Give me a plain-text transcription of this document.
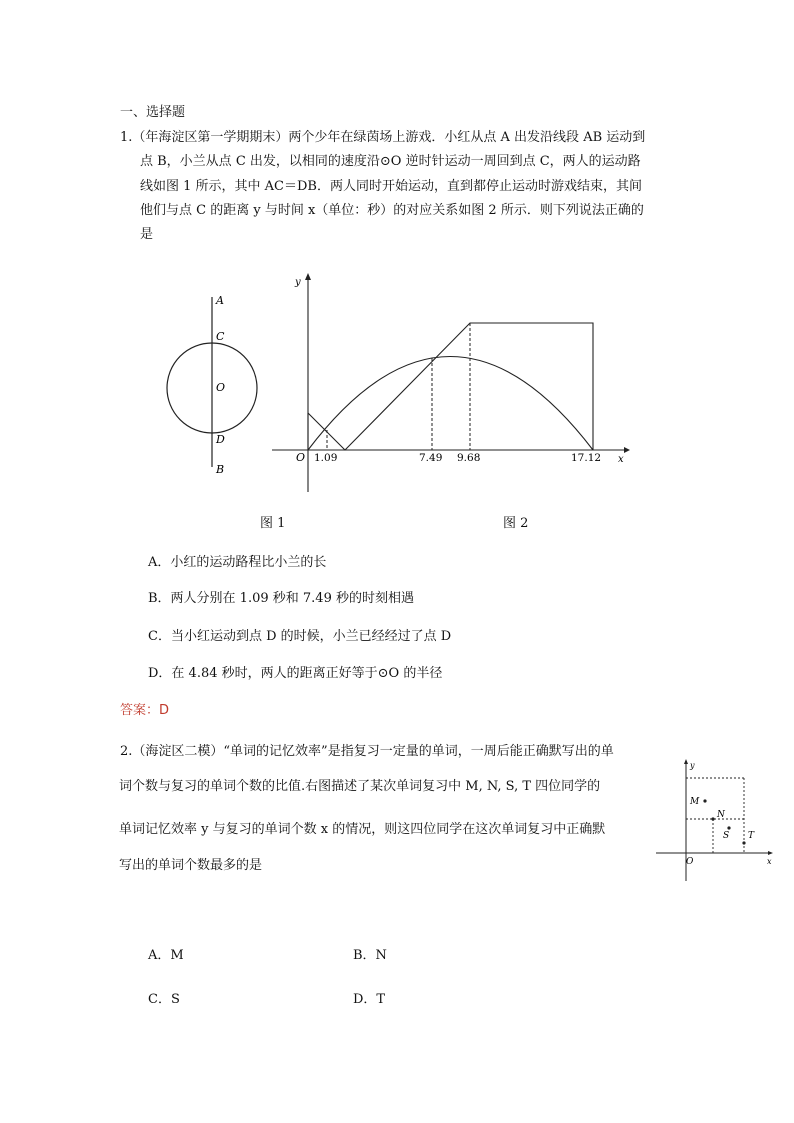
一、选择题
1.（年海淀区第一学期期末）两个少年在绿茵场上游戏．小红从点 A 出发沿线段 AB 运动到
点 B，小兰从点 C 出发，以相同的速度沿⊙O 逆时针运动一周回到点 C，两人的运动路
线如图 1 所示，其中 AC＝DB．两人同时开始运动，直到都停止运动时游戏结束，其间
他们与点 C 的距离 y 与时间 x（单位：秒）的对应关系如图 2 所示．则下列说法正确的
是
A
C
O
D
B
图 1
y
x
O 1.09	7.49 9.68	17.12
图 2
A．小红的运动路程比小兰的长
B．两人分别在 1.09 秒和 7.49 秒的时刻相遇
C．当小红运动到点 D 的时候，小兰已经经过了点 D
D．在 4.84 秒时，两人的距离正好等于⊙O 的半径
答案：D
2.（海淀区二模）“单词的记忆效率”是指复习一定量的单词，一周后能正确默写出的单
词个数与复习的单词个数的比值.右图描述了某次单词复习中 M, N, S, T 四位同学的
单词记忆效率 y 与复习的单词个数 x 的情况，则这四位同学在这次单词复习中正确默
写出的单词个数最多的是
y
x
O
M
N
S T
A．M	B．N
C．S	D．T
